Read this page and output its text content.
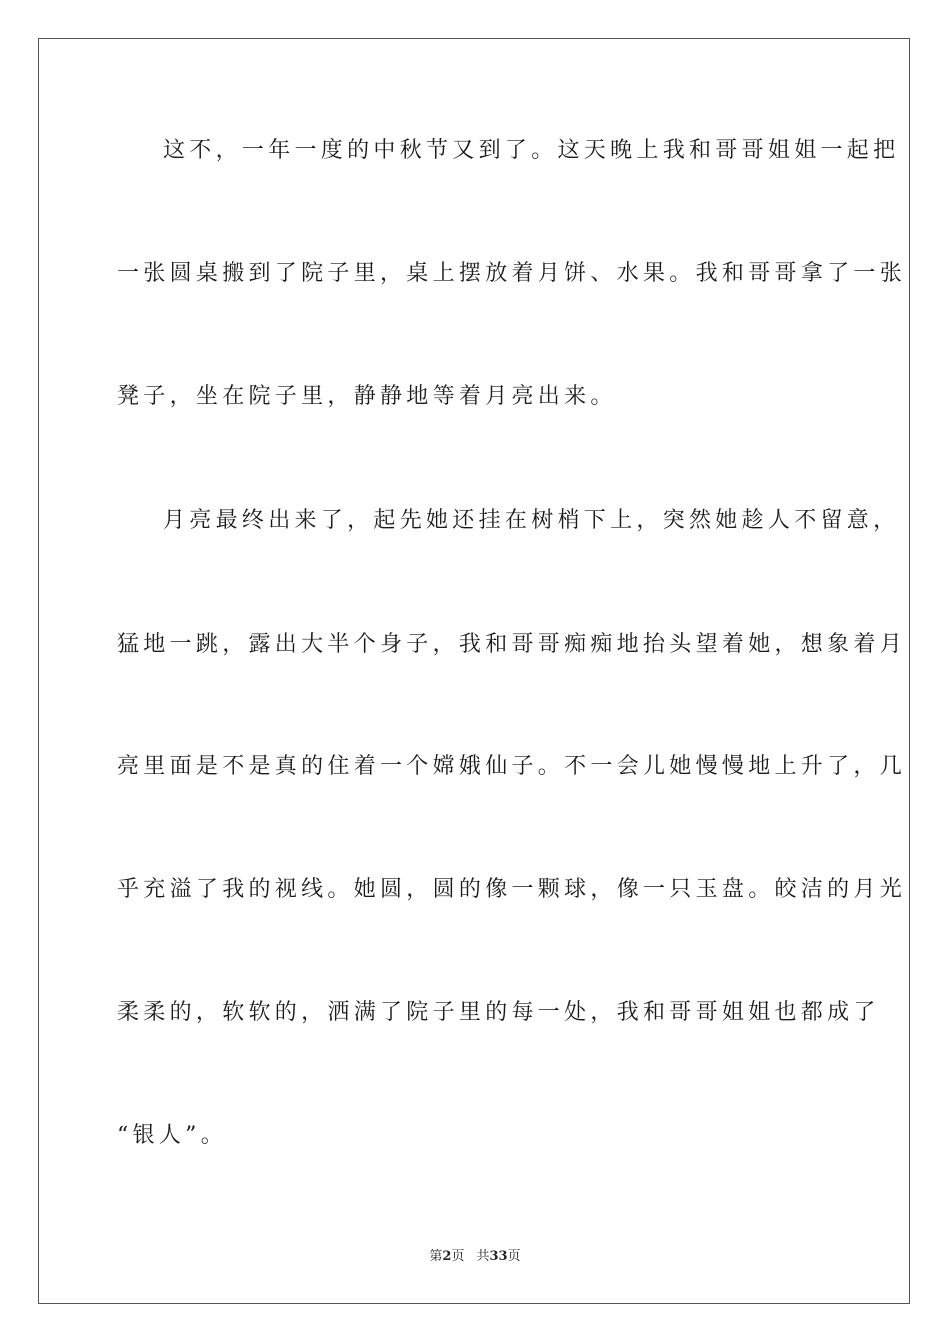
这不，一年一度的中秋节又到了。这天晚上我和哥哥姐姐一起把
一张圆桌搬到了院子里，桌上摆放着月饼、水果。我和哥哥拿了一张
凳子，坐在院子里，静静地等着月亮出来。
月亮最终出来了，起先她还挂在树梢下上，突然她趁人不留意，
猛地一跳，露出大半个身子，我和哥哥痴痴地抬头望着她，想象着月
亮里面是不是真的住着一个嫦娥仙子。不一会儿她慢慢地上升了，几
乎充溢了我的视线。她圆，圆的像一颗球，像一只玉盘。皎洁的月光
柔柔的，软软的，洒满了院子里的每一处，我和哥哥姐姐也都成了
“银人”。
第2页 共33页
